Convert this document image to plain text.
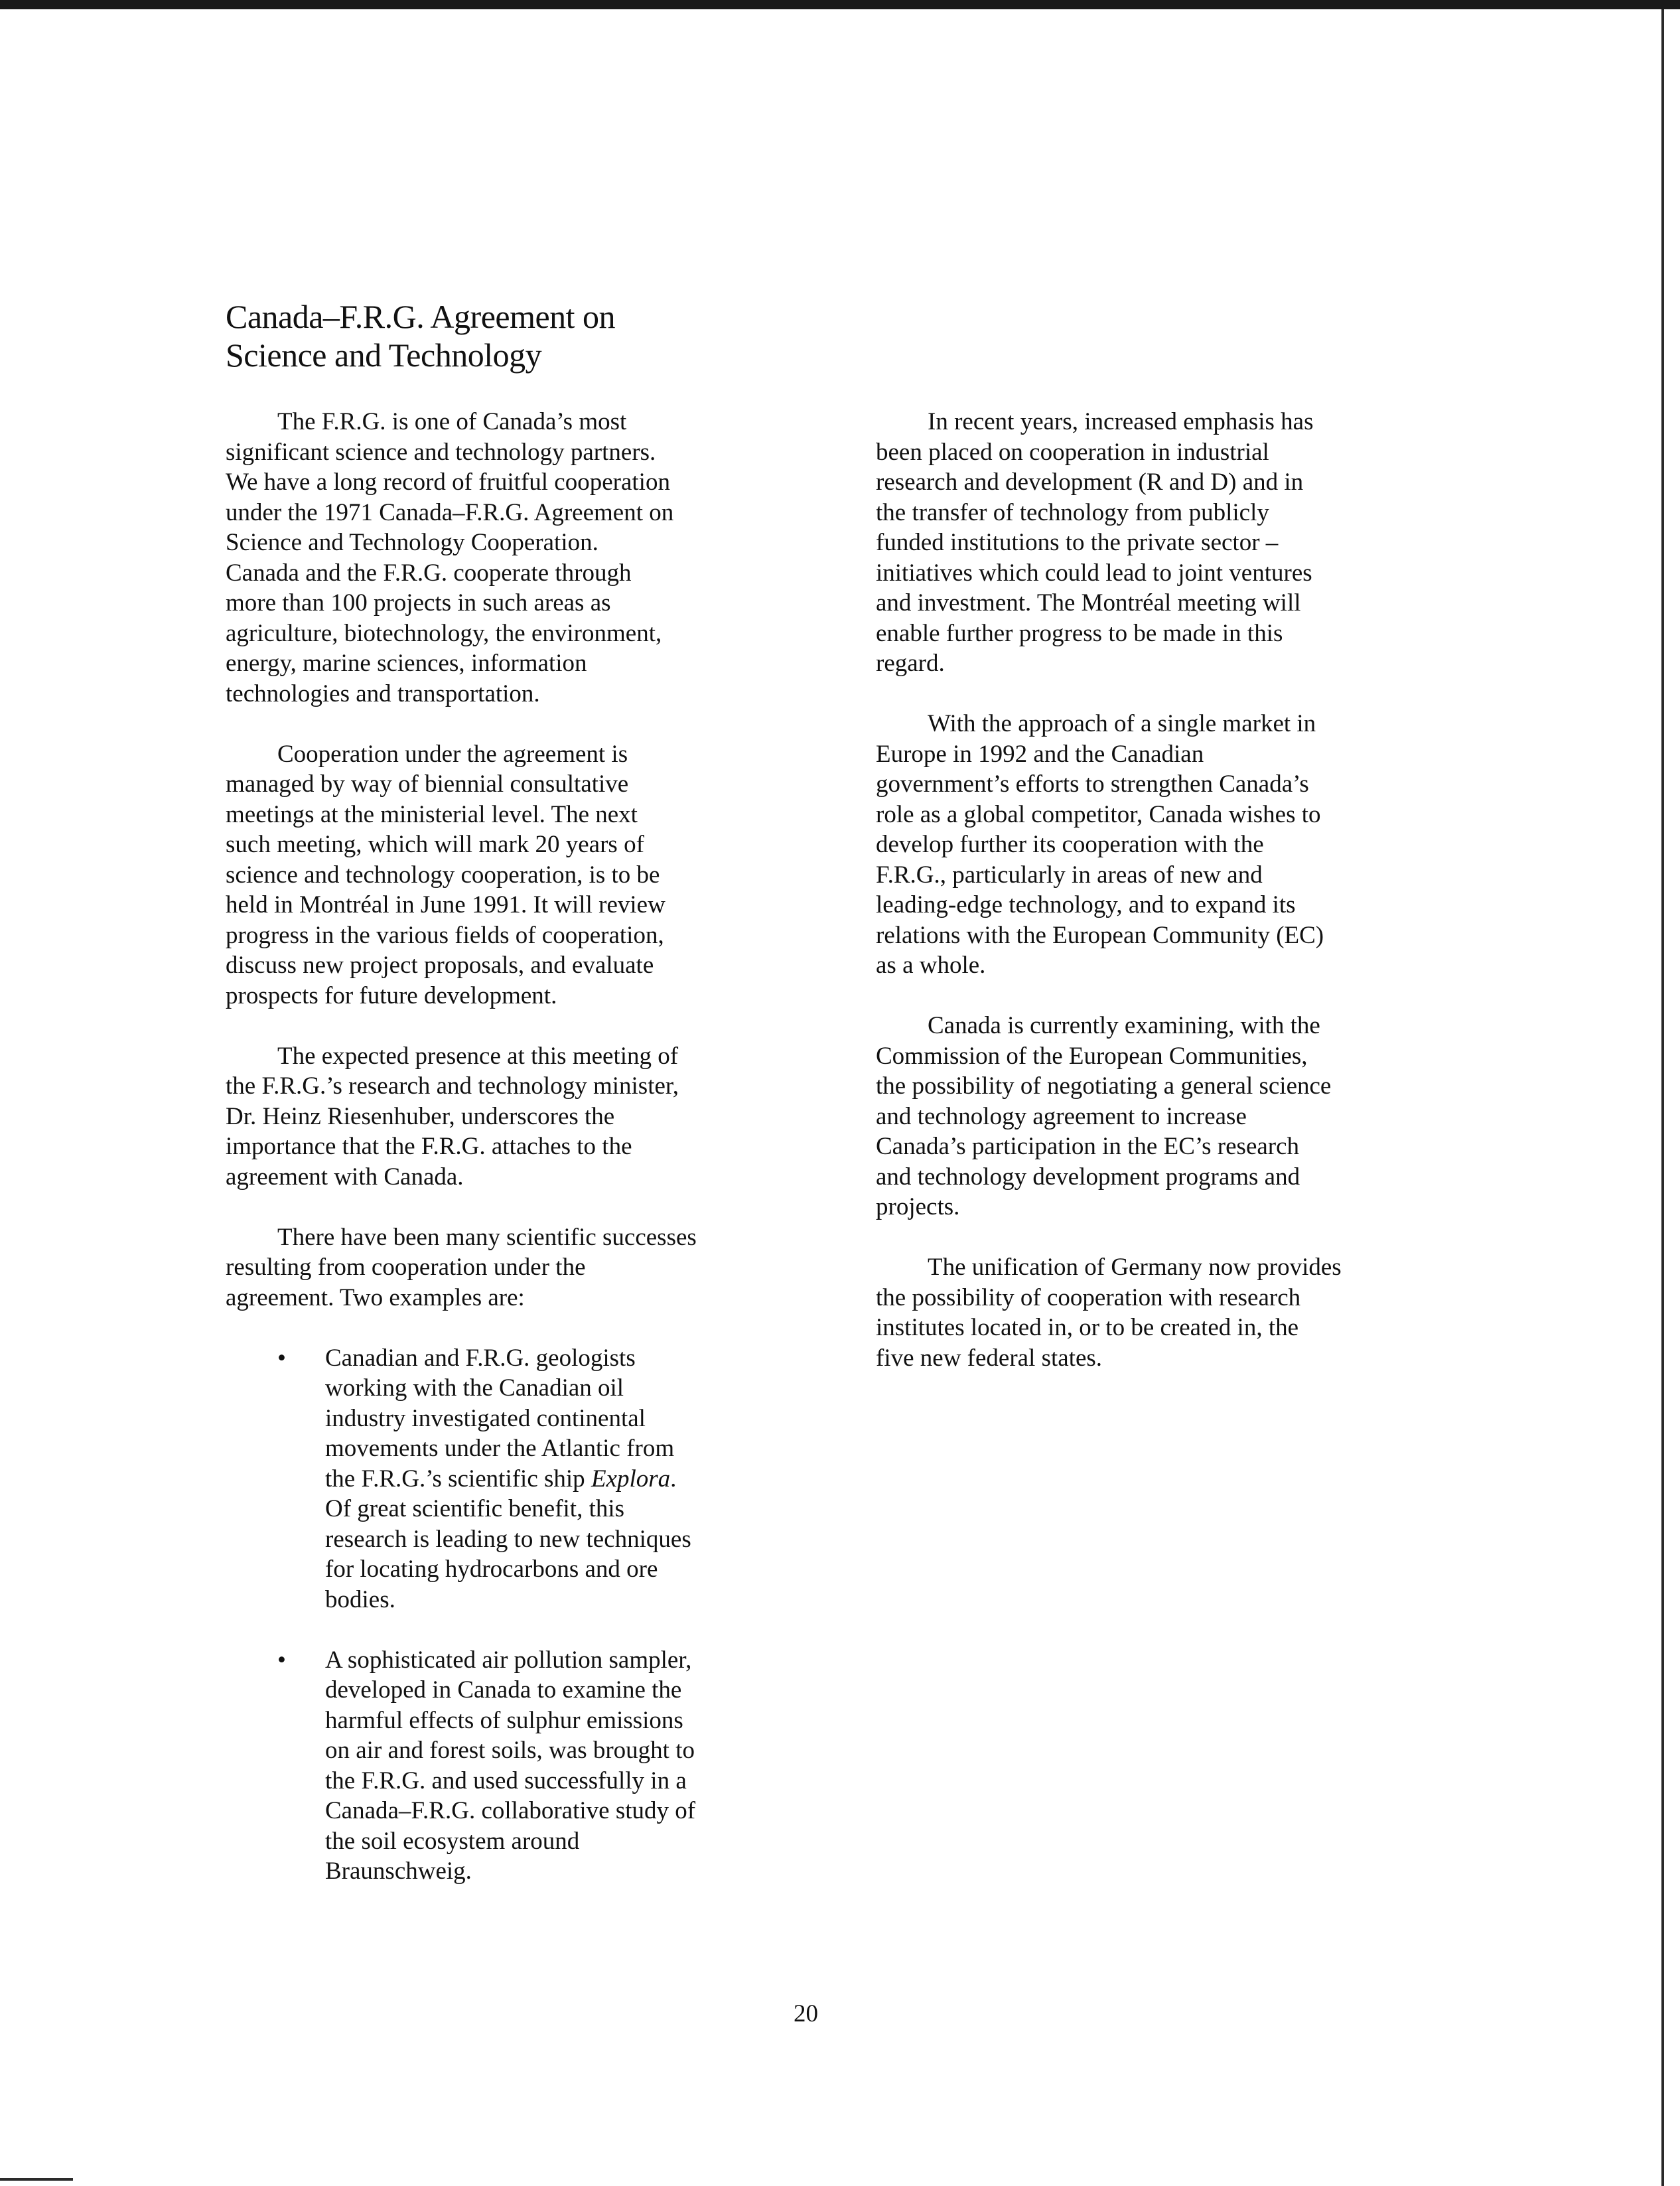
Canada–F.R.G. Agreement on
Science and Technology

The F.R.G. is one of Canada’s most
significant science and technology partners.
We have a long record of fruitful cooperation
under the 1971 Canada–F.R.G. Agreement on
Science and Technology Cooperation.
Canada and the F.R.G. cooperate through
more than 100 projects in such areas as
agriculture, biotechnology, the environment,
energy, marine sciences, information
technologies and transportation.

Cooperation under the agreement is
managed by way of biennial consultative
meetings at the ministerial level. The next
such meeting, which will mark 20 years of
science and technology cooperation, is to be
held in Montréal in June 1991. It will review
progress in the various fields of cooperation,
discuss new project proposals, and evaluate
prospects for future development.

The expected presence at this meeting of
the F.R.G.’s research and technology minister,
Dr. Heinz Riesenhuber, underscores the
importance that the F.R.G. attaches to the
agreement with Canada.

There have been many scientific successes
resulting from cooperation under the
agreement. Two examples are:

• Canadian and F.R.G. geologists
working with the Canadian oil
industry investigated continental
movements under the Atlantic from
the F.R.G.’s scientific ship Explora.
Of great scientific benefit, this
research is leading to new techniques
for locating hydrocarbons and ore
bodies.
• A sophisticated air pollution sampler,
developed in Canada to examine the
harmful effects of sulphur emissions
on air and forest soils, was brought to
the F.R.G. and used successfully in a
Canada–F.R.G. collaborative study of
the soil ecosystem around
Braunschweig.

In recent years, increased emphasis has
been placed on cooperation in industrial
research and development (R and D) and in
the transfer of technology from publicly
funded institutions to the private sector –
initiatives which could lead to joint ventures
and investment. The Montréal meeting will
enable further progress to be made in this
regard.

With the approach of a single market in
Europe in 1992 and the Canadian
government’s efforts to strengthen Canada’s
role as a global competitor, Canada wishes to
develop further its cooperation with the
F.R.G., particularly in areas of new and
leading-edge technology, and to expand its
relations with the European Community (EC)
as a whole.

Canada is currently examining, with the
Commission of the European Communities,
the possibility of negotiating a general science
and technology agreement to increase
Canada’s participation in the EC’s research
and technology development programs and
projects.

The unification of Germany now provides
the possibility of cooperation with research
institutes located in, or to be created in, the
five new federal states.

20
